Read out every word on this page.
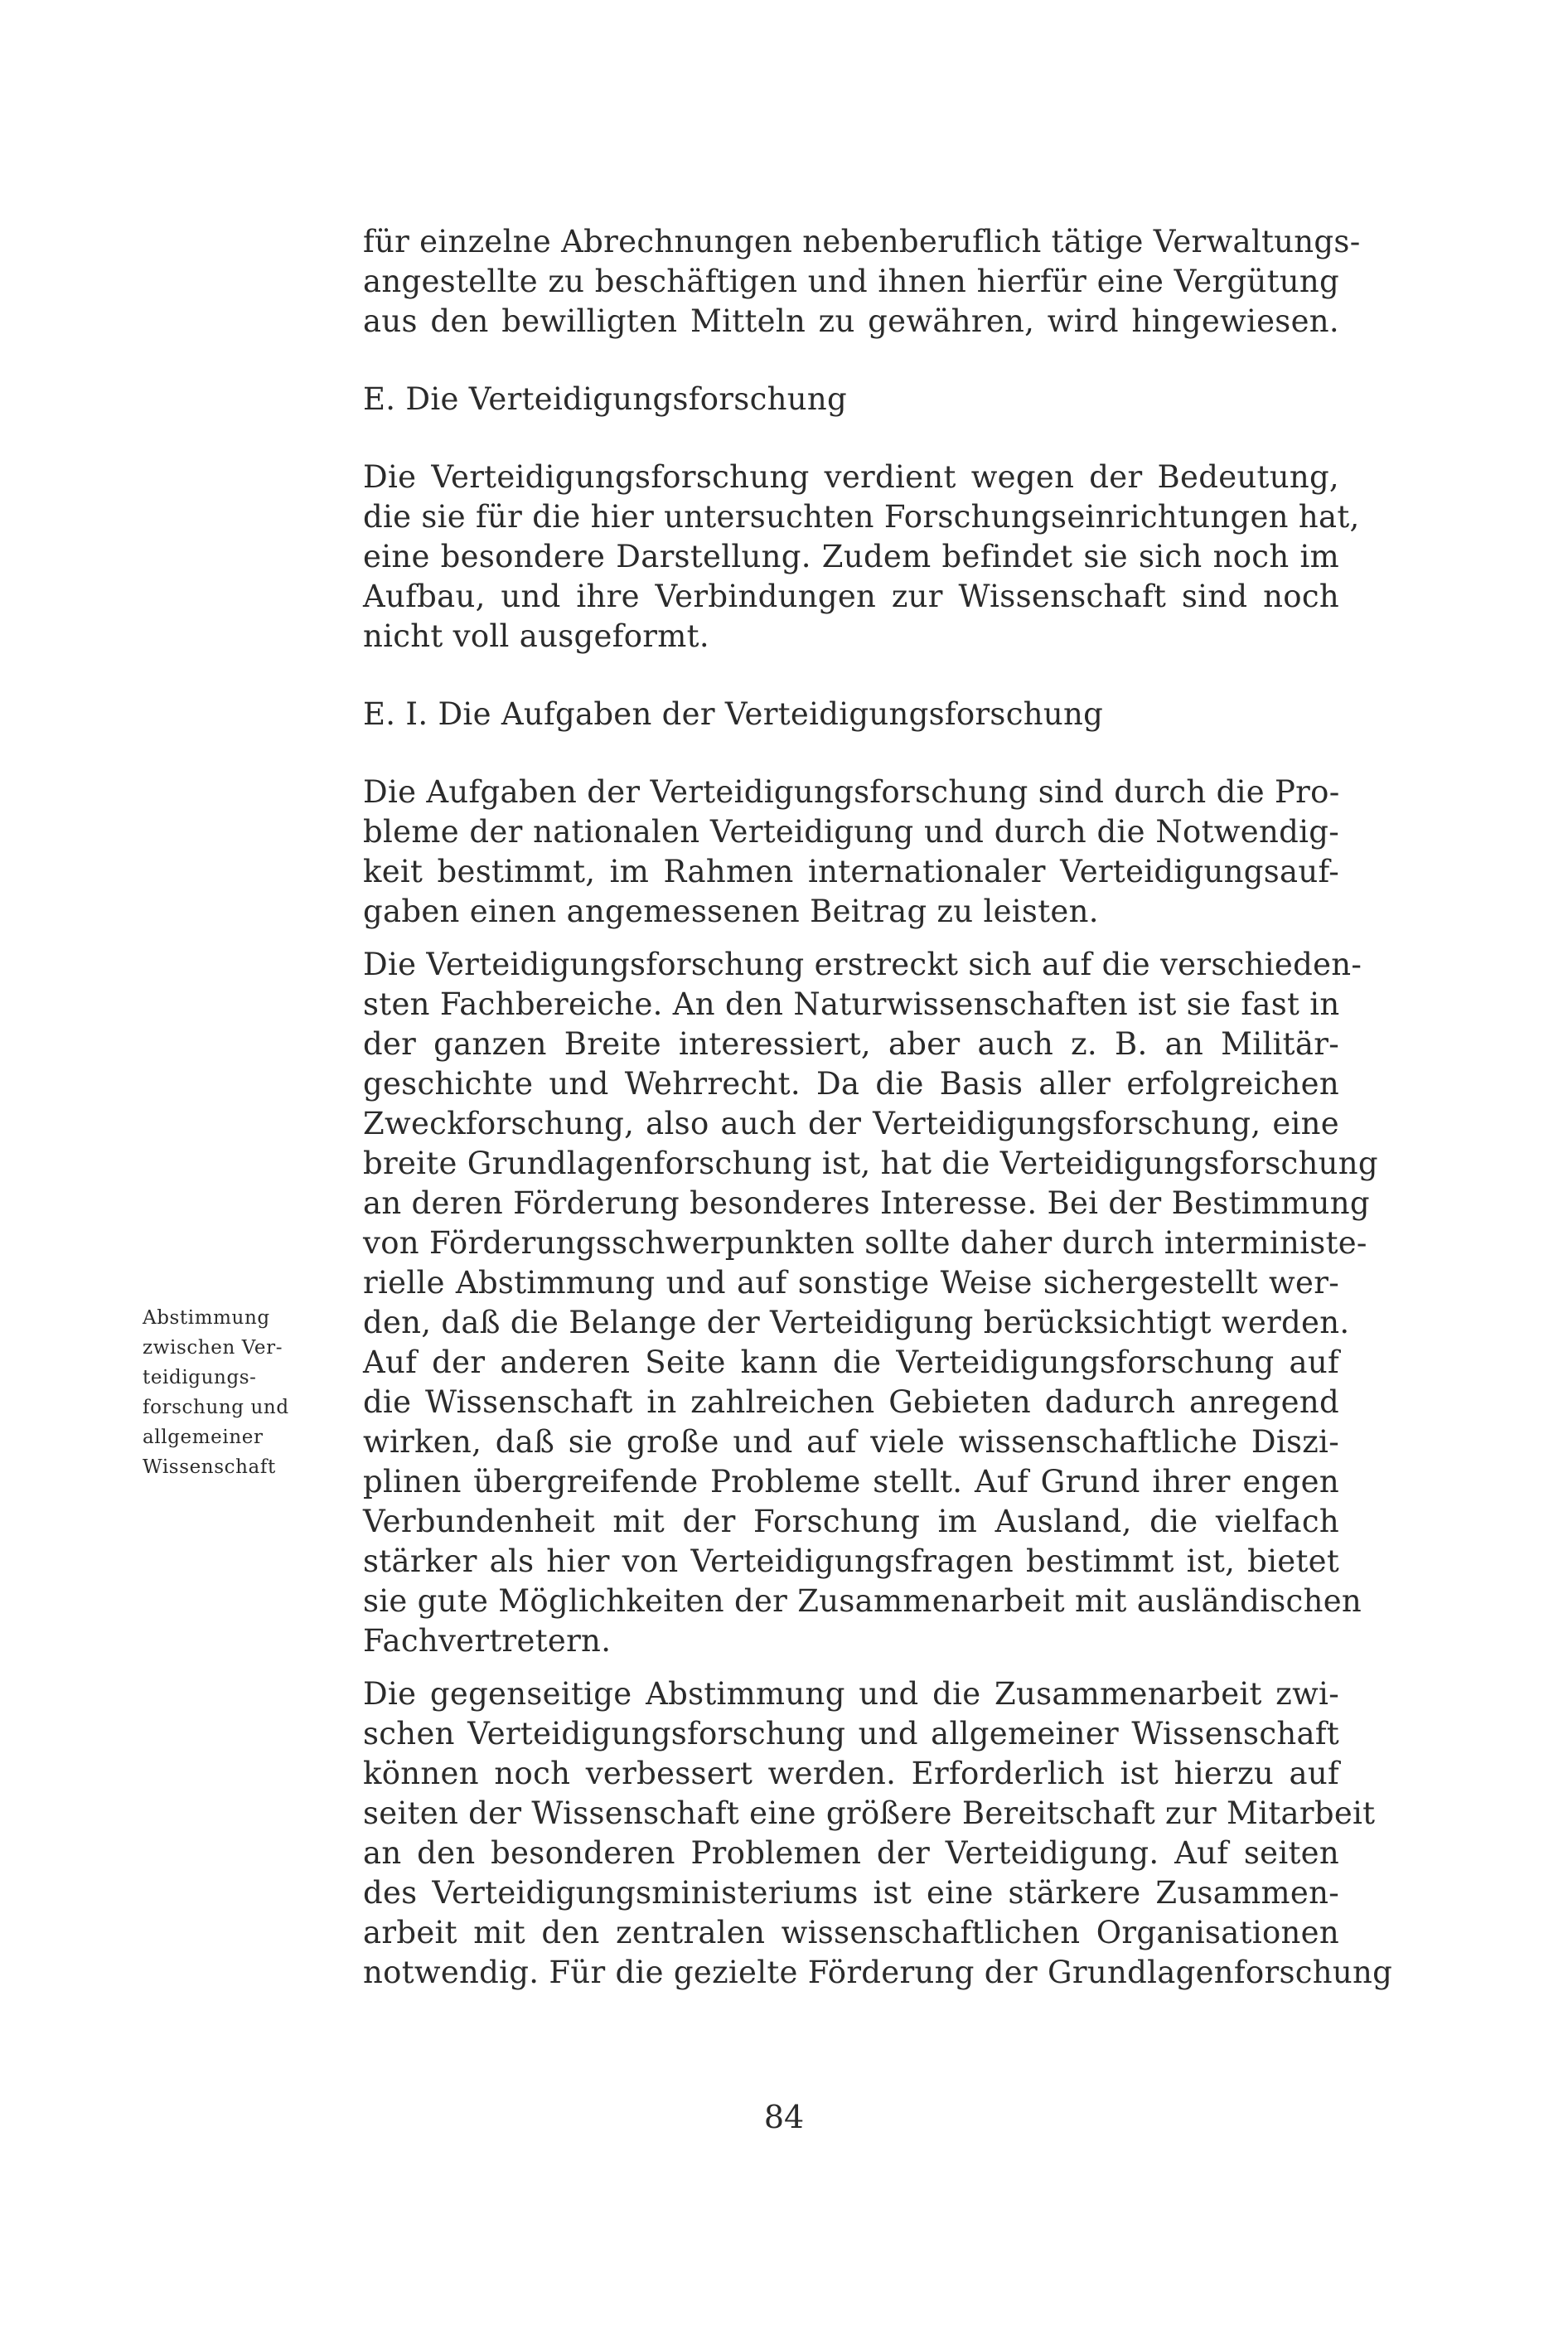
für einzelne Abrechnungen nebenberuflich tätige Verwaltungs-
angestellte zu beschäftigen und ihnen hierfür eine Vergütung
aus den bewilligten Mitteln zu gewähren, wird hingewiesen.
E. Die Verteidigungsforschung
Die Verteidigungsforschung verdient wegen der Bedeutung,
die sie für die hier untersuchten Forschungseinrichtungen hat,
eine besondere Darstellung. Zudem befindet sie sich noch im
Aufbau, und ihre Verbindungen zur Wissenschaft sind noch
nicht voll ausgeformt.
E. I. Die Aufgaben der Verteidigungsforschung
Die Aufgaben der Verteidigungsforschung sind durch die Pro-
bleme der nationalen Verteidigung und durch die Notwendig-
keit bestimmt, im Rahmen internationaler Verteidigungsauf-
gaben einen angemessenen Beitrag zu leisten.
Die Verteidigungsforschung erstreckt sich auf die verschieden-
sten Fachbereiche. An den Naturwissenschaften ist sie fast in
der ganzen Breite interessiert, aber auch z. B. an Militär-
geschichte und Wehrrecht. Da die Basis aller erfolgreichen
Zweckforschung, also auch der Verteidigungsforschung, eine
breite Grundlagenforschung ist, hat die Verteidigungsforschung
an deren Förderung besonderes Interesse. Bei der Bestimmung
von Förderungsschwerpunkten sollte daher durch interministe-
rielle Abstimmung und auf sonstige Weise sichergestellt wer-
den, daß die Belange der Verteidigung berücksichtigt werden.
Auf der anderen Seite kann die Verteidigungsforschung auf
die Wissenschaft in zahlreichen Gebieten dadurch anregend
wirken, daß sie große und auf viele wissenschaftliche Diszi-
plinen übergreifende Probleme stellt. Auf Grund ihrer engen
Verbundenheit mit der Forschung im Ausland, die vielfach
stärker als hier von Verteidigungsfragen bestimmt ist, bietet
sie gute Möglichkeiten der Zusammenarbeit mit ausländischen
Fachvertretern.
Die gegenseitige Abstimmung und die Zusammenarbeit zwi-
schen Verteidigungsforschung und allgemeiner Wissenschaft
können noch verbessert werden. Erforderlich ist hierzu auf
seiten der Wissenschaft eine größere Bereitschaft zur Mitarbeit
an den besonderen Problemen der Verteidigung. Auf seiten
des Verteidigungsministeriums ist eine stärkere Zusammen-
arbeit mit den zentralen wissenschaftlichen Organisationen
notwendig. Für die gezielte Förderung der Grundlagenforschung
Abstimmung
zwischen Ver-
teidigungs-
forschung und
allgemeiner
Wissenschaft
84
